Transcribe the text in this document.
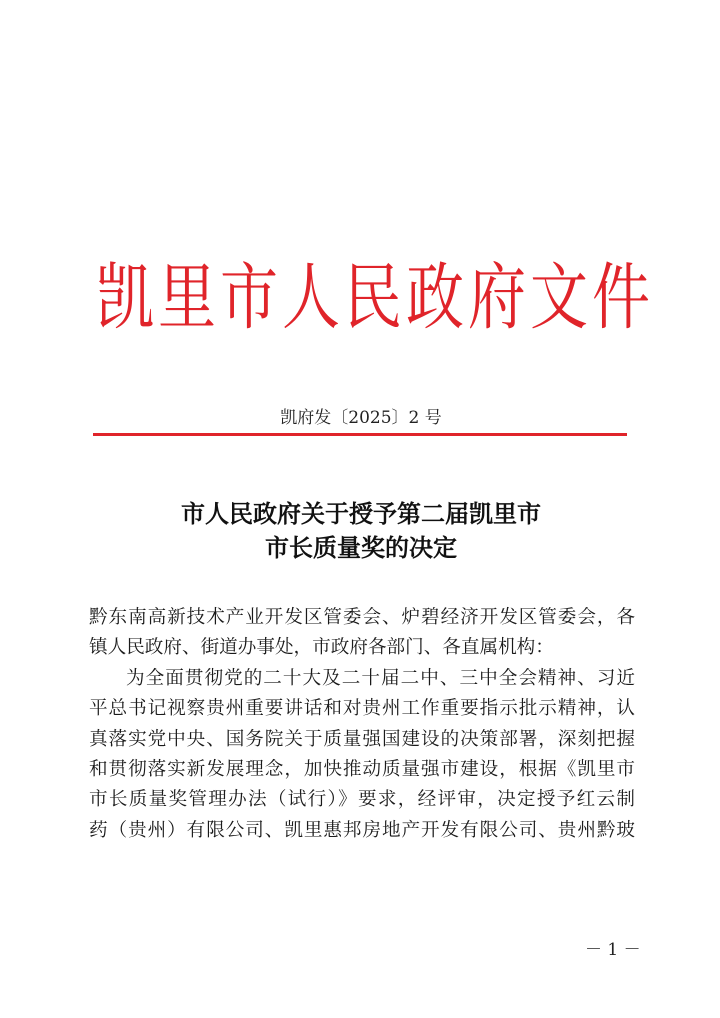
凯里市人民政府文件
凯府发〔2025〕2 号
市人民政府关于授予第二届凯里市
市长质量奖的决定
黔东南高新技术产业开发区管委会、炉碧经济开发区管委会，各
镇人民政府、街道办事处，市政府各部门、各直属机构：
为全面贯彻党的二十大及二十届二中、三中全会精神、习近
平总书记视察贵州重要讲话和对贵州工作重要指示批示精神，认
真落实党中央、国务院关于质量强国建设的决策部署，深刻把握
和贯彻落实新发展理念，加快推动质量强市建设，根据《凯里市
市长质量奖管理办法（试行）》要求，经评审，决定授予红云制
药（贵州）有限公司、凯里惠邦房地产开发有限公司、贵州黔玻
－ 1 －
